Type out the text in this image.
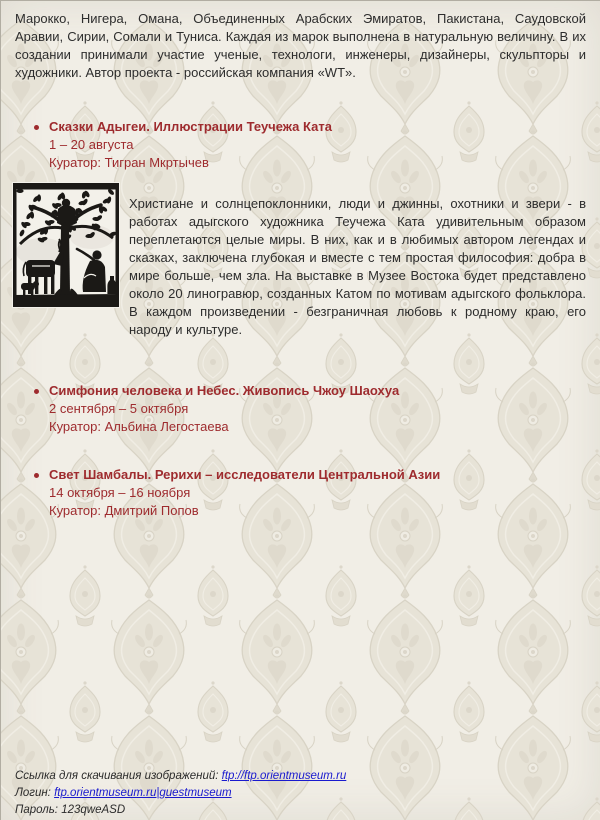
Марокко, Нигера, Омана, Объединенных Арабских Эмиратов, Пакистана, Саудовской Аравии, Сирии, Сомали и Туниса. Каждая из марок выполнена в натуральную величину. В их создании принимали участие ученые, технологи, инженеры, дизайнеры, скульпторы и художники. Автор проекта - российская компания «WT».

Сказки Адыгеи. Иллюстрации Теучежа Ката
1 – 20 августа
Куратор: Тигран Мкртычев

Христиане и солнцепоклонники, люди и джинны, охотники и звери - в работах адыгского художника Теучежа Ката удивительным образом переплетаются целые миры. В них, как и в любимых автором легендах и сказках, заключена глубокая и вместе с тем простая философия: добра в мире больше, чем зла. На выставке в Музее Востока будет представлено около 20 линогравюр, созданных Катом по мотивам адыгского фольклора. В каждом произведении - безграничная любовь к родному краю, его народу и культуре.

Симфония человека и Небес. Живопись Чжоу Шаохуа
2 сентября – 5 октября
Куратор: Альбина Легостаева
Свет Шамбалы. Рерихи – исследователи Центральной Азии
14 октября – 16 ноября
Куратор: Дмитрий Попов
Ссылка для скачивания изображений: ftp://ftp.orientmuseum.ru
Логин: ftp.orientmuseum.ru|guestmuseum
Пароль: 123qweASD
